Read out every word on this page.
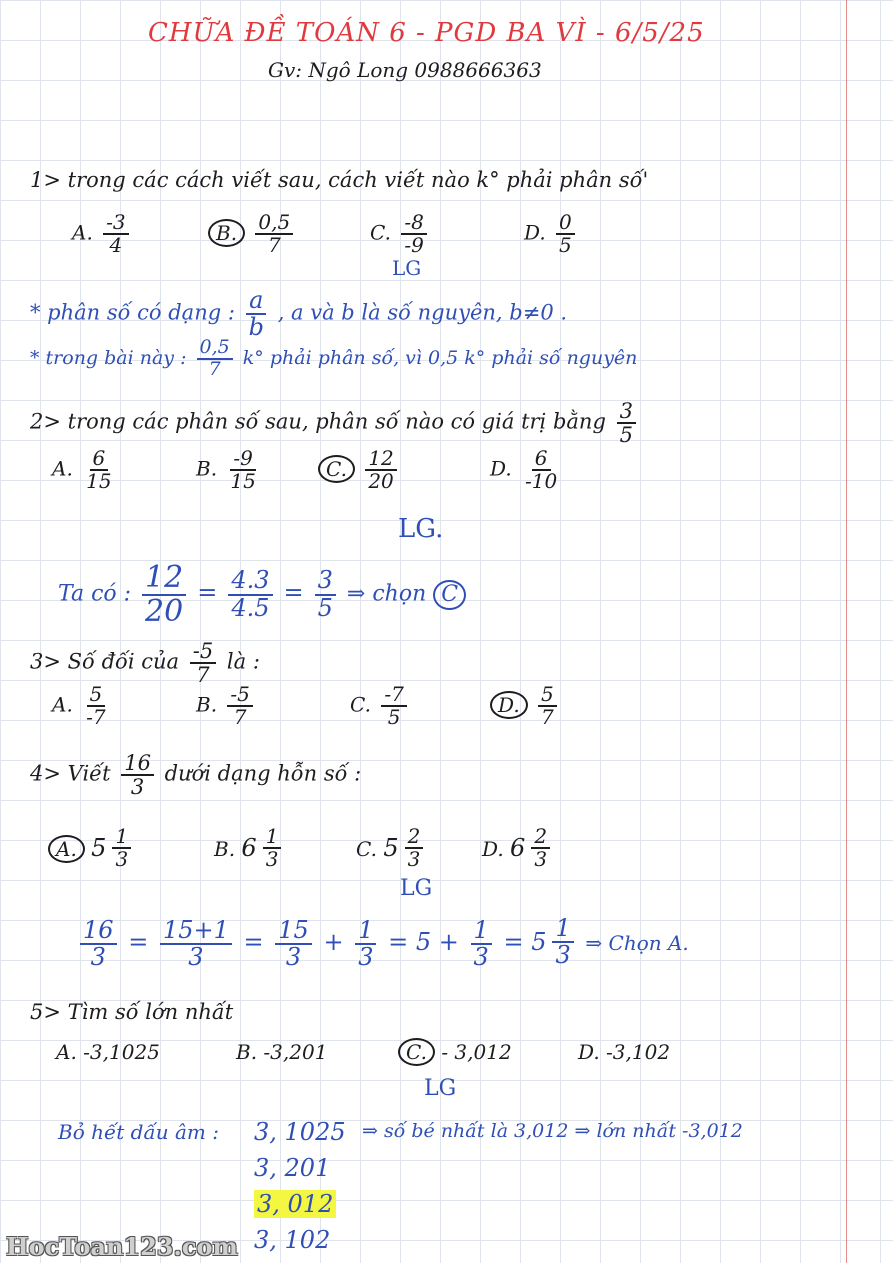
CHỮA ĐỀ TOÁN 6 - PGD BA VÌ - 6/5/25
Gv: Ngô Long 0988666363
1> trong các cách viết sau, cách viết nào k° phải phân số'
A. $\frac{-3}{4}$	B. $\frac{0,5}{7}$	C. $\frac{-8}{-9}$	D. $\frac{0}{5}$
LG
* phân số có dạng : $\frac{a}{b}$ , a và b là số nguyên, b≠0 .
* trong bài này : $\frac{0,5}{7} k^\circ$ phải phân số, vì 0,5 k° phải số nguyên
2> trong các phân số sau, phân số nào có giá trị bằng $\frac{3}{5}$
A. $\frac{6}{15}$	B. $\frac{-9}{15}$	C. $\frac{12}{20}$	D. $\frac{6}{-10}$
LG.
Ta có : $\frac{12}{20} = \frac{4.3}{4.5} = \frac{3}{5}$ ⇒ chọn C
3> Số đối của $\frac{-5}{7}$ là :
A. $\frac{5}{-7}$	B. $\frac{-5}{7}$	C. $\frac{-7}{5}$	D. $\frac{5}{7}$
4> Viết $\frac{16}{3}$ dưới dạng hỗn số :
A. $5 \frac{1}{3}$	B. $6 \frac{1}{3}$	C. $5 \frac{2}{3}$	D. $6 \frac{2}{3}$
LG
$\frac{16}{3} = \frac{15+1}{3} = \frac{15}{3} + \frac{1}{3} = 5 + \frac{1}{3} = 5 \frac{1}{3}$ ⇒ Chọn A.
5> Tìm số lớn nhất
A. -3,1025	B. -3,201	C. - 3,012	D. -3,102
LG
Bỏ hết dấu âm : 3, 1025 ⇒ số bé nhất là 3,012 ⇒ lớn nhất -3,012
3, 201
3, 012
3, 102
HocToan123.com
